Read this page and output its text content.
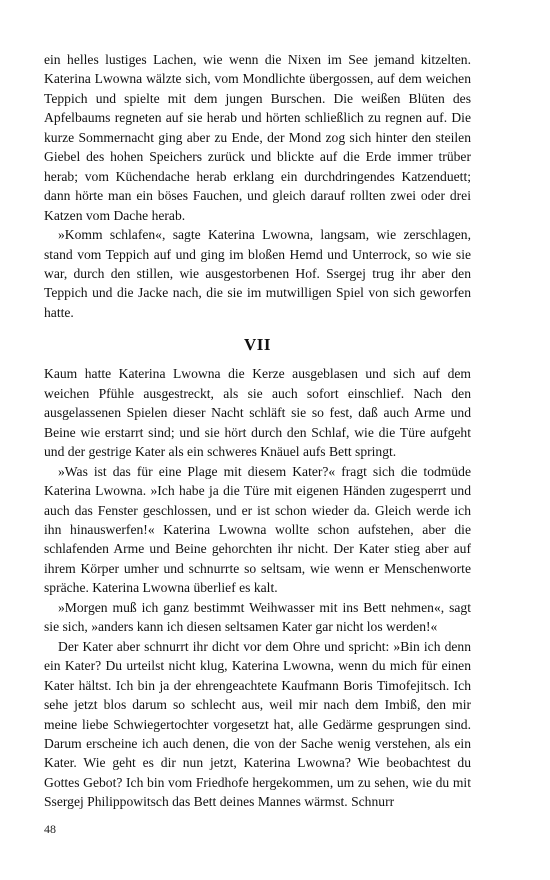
ein helles lustiges Lachen, wie wenn die Nixen im See jemand kitzelten. Katerina Lwowna wälzte sich, vom Mondlichte übergossen, auf dem weichen Teppich und spielte mit dem jungen Burschen. Die weißen Blüten des Apfelbaums regneten auf sie herab und hörten schließlich zu regnen auf. Die kurze Sommernacht ging aber zu Ende, der Mond zog sich hinter den steilen Giebel des hohen Speichers zurück und blickte auf die Erde immer trüber herab; vom Küchendache herab erklang ein durchdringendes Katzenduett; dann hörte man ein böses Fauchen, und gleich darauf rollten zwei oder drei Katzen vom Dache herab.

»Komm schlafen«, sagte Katerina Lwowna, langsam, wie zerschlagen, stand vom Teppich auf und ging im bloßen Hemd und Unterrock, so wie sie war, durch den stillen, wie ausgestorbenen Hof. Ssergej trug ihr aber den Teppich und die Jacke nach, die sie im mutwilligen Spiel von sich geworfen hatte.

VII

Kaum hatte Katerina Lwowna die Kerze ausgeblasen und sich auf dem weichen Pfühle ausgestreckt, als sie auch sofort einschlief. Nach den ausgelassenen Spielen dieser Nacht schläft sie so fest, daß auch Arme und Beine wie erstarrt sind; und sie hört durch den Schlaf, wie die Türe aufgeht und der gestrige Kater als ein schweres Knäuel aufs Bett springt.

»Was ist das für eine Plage mit diesem Kater?« fragt sich die todmüde Katerina Lwowna. »Ich habe ja die Türe mit eigenen Händen zugesperrt und auch das Fenster geschlossen, und er ist schon wieder da. Gleich werde ich ihn hinauswerfen!« Katerina Lwowna wollte schon aufstehen, aber die schlafenden Arme und Beine gehorchten ihr nicht. Der Kater stieg aber auf ihrem Körper umher und schnurrte so seltsam, wie wenn er Menschenworte spräche. Katerina Lwowna überlief es kalt.

»Morgen muß ich ganz bestimmt Weihwasser mit ins Bett nehmen«, sagt sie sich, »anders kann ich diesen seltsamen Kater gar nicht los werden!«

Der Kater aber schnurrt ihr dicht vor dem Ohre und spricht: »Bin ich denn ein Kater? Du urteilst nicht klug, Katerina Lwowna, wenn du mich für einen Kater hältst. Ich bin ja der ehrengeachtete Kaufmann Boris Timofejitsch. Ich sehe jetzt blos darum so schlecht aus, weil mir nach dem Imbiß, den mir meine liebe Schwiegertochter vorgesetzt hat, alle Gedärme gesprungen sind. Darum erscheine ich auch denen, die von der Sache wenig verstehen, als ein Kater. Wie geht es dir nun jetzt, Katerina Lwowna? Wie beobachtest du Gottes Gebot? Ich bin vom Friedhofe hergekommen, um zu sehen, wie du mit Ssergej Philippowitsch das Bett deines Mannes wärmst. Schnurr

48
